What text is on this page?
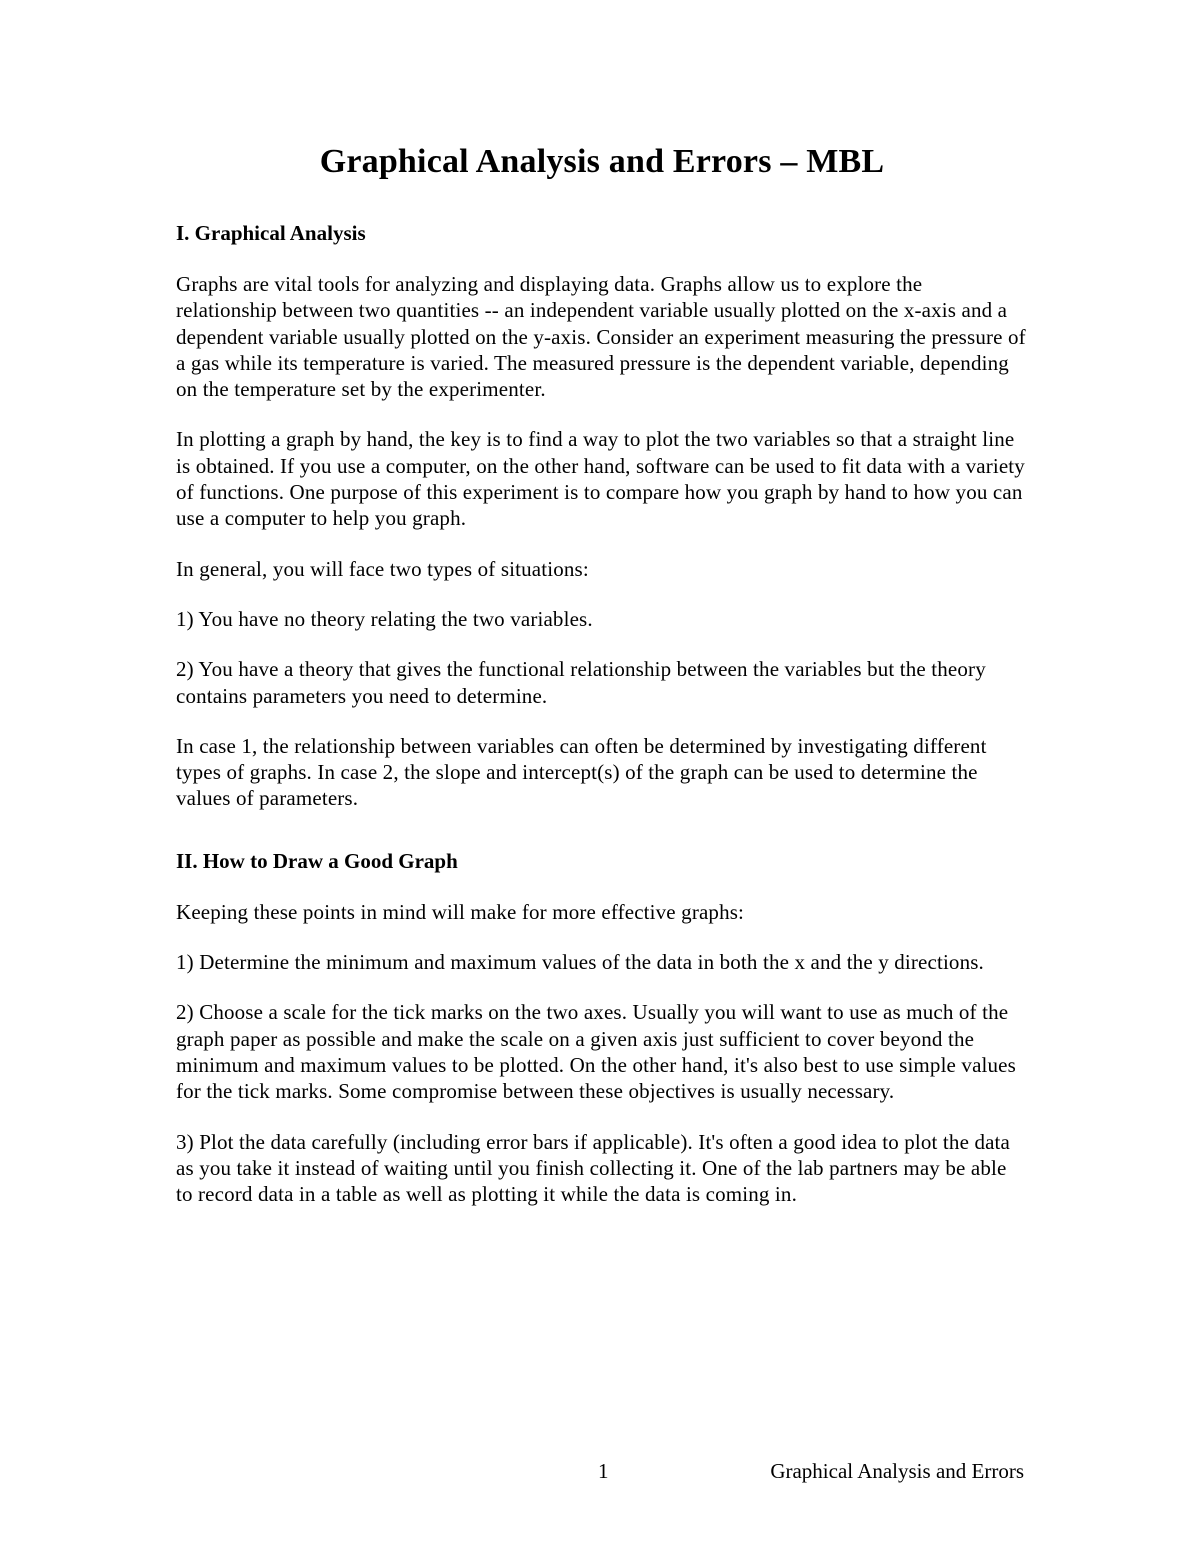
Graphical Analysis and Errors – MBL
I. Graphical Analysis

Graphs are vital tools for analyzing and displaying data. Graphs allow us to explore the relationship between two quantities -- an independent variable usually plotted on the x-axis and a dependent variable usually plotted on the y-axis. Consider an experiment measuring the pressure of a gas while its temperature is varied. The measured pressure is the dependent variable, depending on the temperature set by the experimenter.

In plotting a graph by hand, the key is to find a way to plot the two variables so that a straight line is obtained. If you use a computer, on the other hand, software can be used to fit data with a variety of functions. One purpose of this experiment is to compare how you graph by hand to how you can use a computer to help you graph.

In general, you will face two types of situations:

1) You have no theory relating the two variables.

2) You have a theory that gives the functional relationship between the variables but the theory contains parameters you need to determine.

In case 1, the relationship between variables can often be determined by investigating different types of graphs. In case 2, the slope and intercept(s) of the graph can be used to determine the values of parameters.

II. How to Draw a Good Graph

Keeping these points in mind will make for more effective graphs:

1) Determine the minimum and maximum values of the data in both the x and the y directions.

2) Choose a scale for the tick marks on the two axes. Usually you will want to use as much of the graph paper as possible and make the scale on a given axis just sufficient to cover beyond the minimum and maximum values to be plotted. On the other hand, it's also best to use simple values for the tick marks. Some compromise between these objectives is usually necessary.

3) Plot the data carefully (including error bars if applicable). It's often a good idea to plot the data as you take it instead of waiting until you finish collecting it. One of the lab partners may be able to record data in a table as well as plotting it while the data is coming in.

1	Graphical Analysis and Errors
